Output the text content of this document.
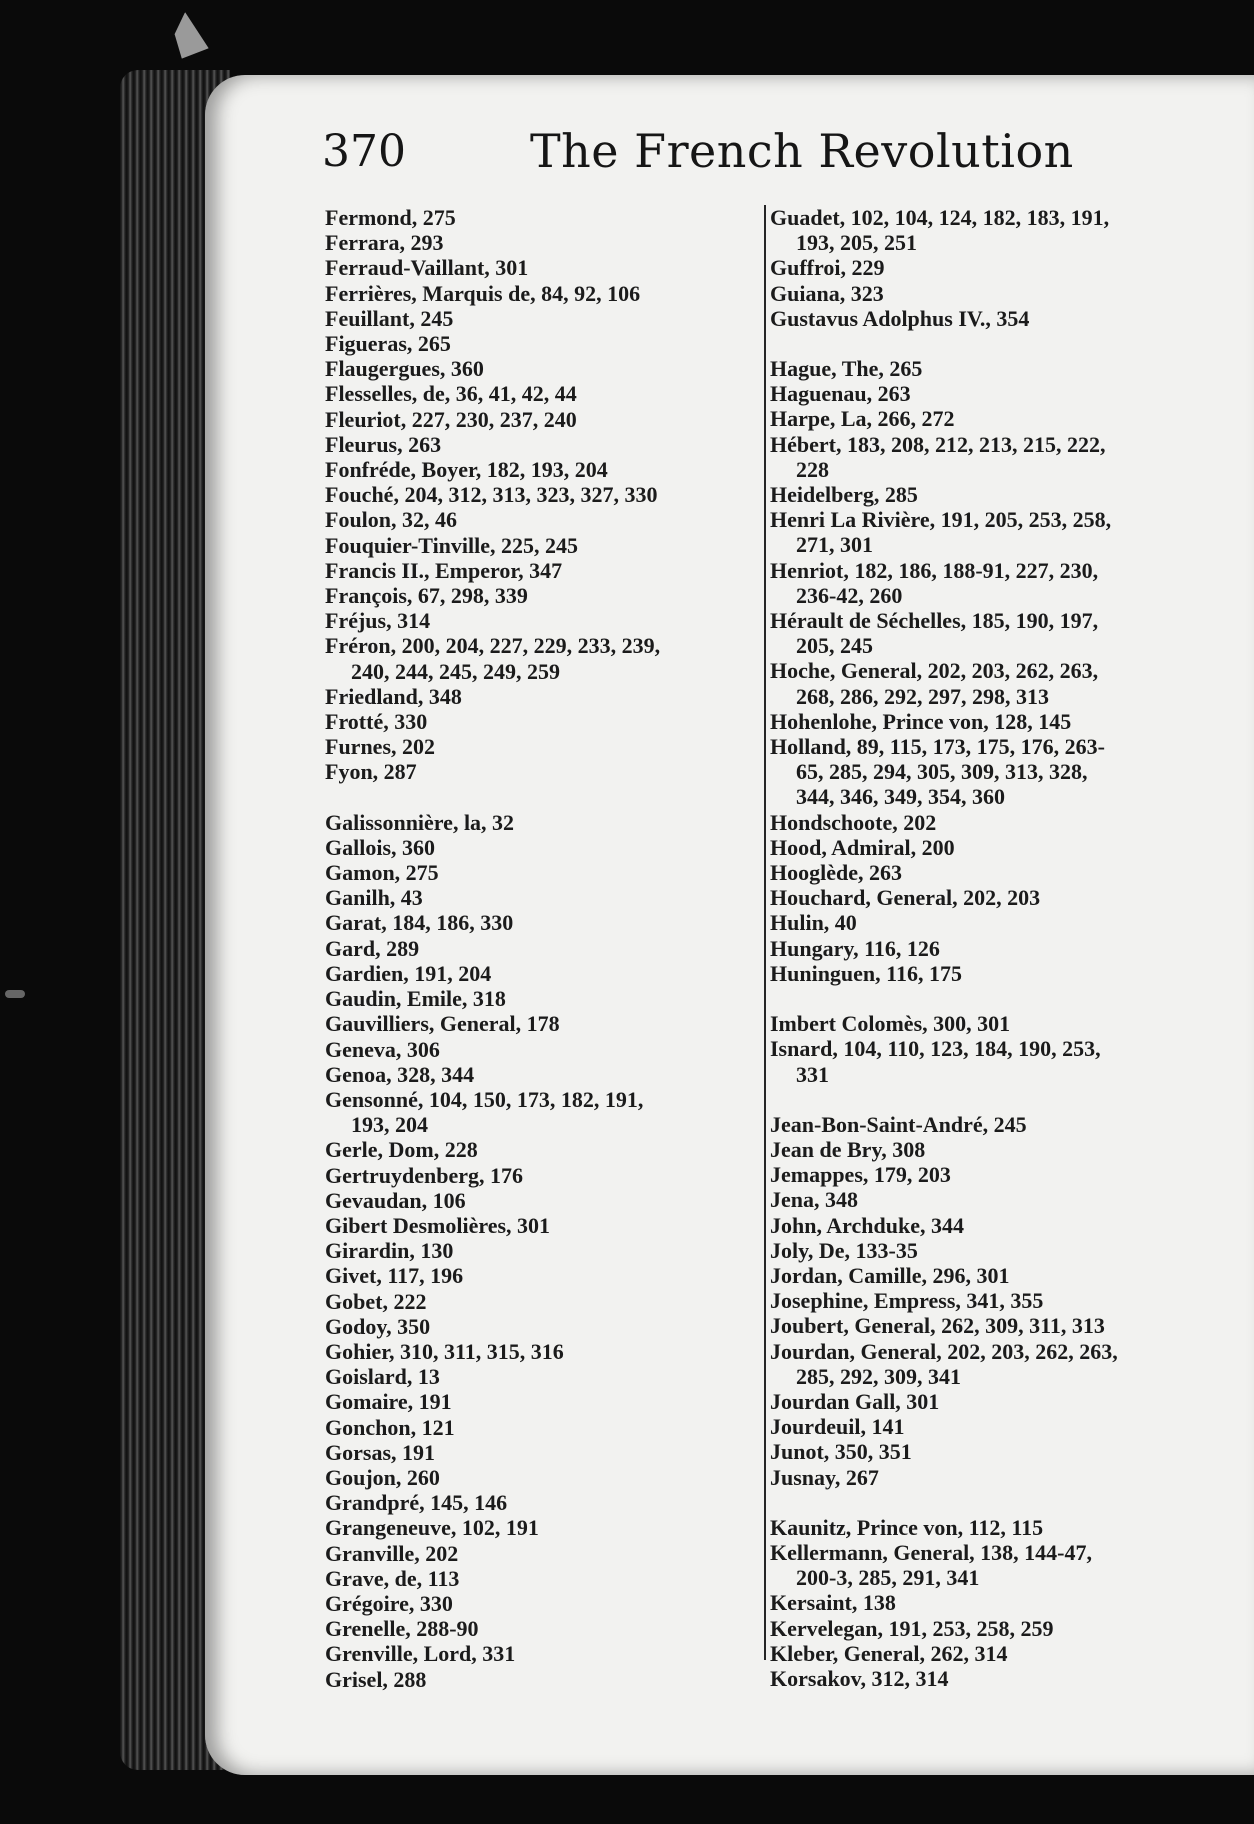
370	The French Revolution
Fermond, 275
Ferrara, 293
Ferraud-Vaillant, 301
Ferrières, Marquis de, 84, 92, 106
Feuillant, 245
Figueras, 265
Flaugergues, 360
Flesselles, de, 36, 41, 42, 44
Fleuriot, 227, 230, 237, 240
Fleurus, 263
Fonfréde, Boyer, 182, 193, 204
Fouché, 204, 312, 313, 323, 327, 330
Foulon, 32, 46
Fouquier-Tinville, 225, 245
Francis II., Emperor, 347
François, 67, 298, 339
Fréjus, 314
Fréron, 200, 204, 227, 229, 233, 239,
240, 244, 245, 249, 259
Friedland, 348
Frotté, 330
Furnes, 202
Fyon, 287
Galissonnière, la, 32
Gallois, 360
Gamon, 275
Ganilh, 43
Garat, 184, 186, 330
Gard, 289
Gardien, 191, 204
Gaudin, Emile, 318
Gauvilliers, General, 178
Geneva, 306
Genoa, 328, 344
Gensonné, 104, 150, 173, 182, 191,
193, 204
Gerle, Dom, 228
Gertruydenberg, 176
Gevaudan, 106
Gibert Desmolières, 301
Girardin, 130
Givet, 117, 196
Gobet, 222
Godoy, 350
Gohier, 310, 311, 315, 316
Goislard, 13
Gomaire, 191
Gonchon, 121
Gorsas, 191
Goujon, 260
Grandpré, 145, 146
Grangeneuve, 102, 191
Granville, 202
Grave, de, 113
Grégoire, 330
Grenelle, 288-90
Grenville, Lord, 331
Grisel, 288
Guadet, 102, 104, 124, 182, 183, 191,
193, 205, 251
Guffroi, 229
Guiana, 323
Gustavus Adolphus IV., 354
Hague, The, 265
Haguenau, 263
Harpe, La, 266, 272
Hébert, 183, 208, 212, 213, 215, 222,
228
Heidelberg, 285
Henri La Rivière, 191, 205, 253, 258,
271, 301
Henriot, 182, 186, 188-91, 227, 230,
236-42, 260
Hérault de Séchelles, 185, 190, 197,
205, 245
Hoche, General, 202, 203, 262, 263,
268, 286, 292, 297, 298, 313
Hohenlohe, Prince von, 128, 145
Holland, 89, 115, 173, 175, 176, 263-
65, 285, 294, 305, 309, 313, 328,
344, 346, 349, 354, 360
Hondschoote, 202
Hood, Admiral, 200
Hooglède, 263
Houchard, General, 202, 203
Hulin, 40
Hungary, 116, 126
Huninguen, 116, 175
Imbert Colomès, 300, 301
Isnard, 104, 110, 123, 184, 190, 253,
331
Jean-Bon-Saint-André, 245
Jean de Bry, 308
Jemappes, 179, 203
Jena, 348
John, Archduke, 344
Joly, De, 133-35
Jordan, Camille, 296, 301
Josephine, Empress, 341, 355
Joubert, General, 262, 309, 311, 313
Jourdan, General, 202, 203, 262, 263,
285, 292, 309, 341
Jourdan Gall, 301
Jourdeuil, 141
Junot, 350, 351
Jusnay, 267
Kaunitz, Prince von, 112, 115
Kellermann, General, 138, 144-47,
200-3, 285, 291, 341
Kersaint, 138
Kervelegan, 191, 253, 258, 259
Kleber, General, 262, 314
Korsakov, 312, 314
